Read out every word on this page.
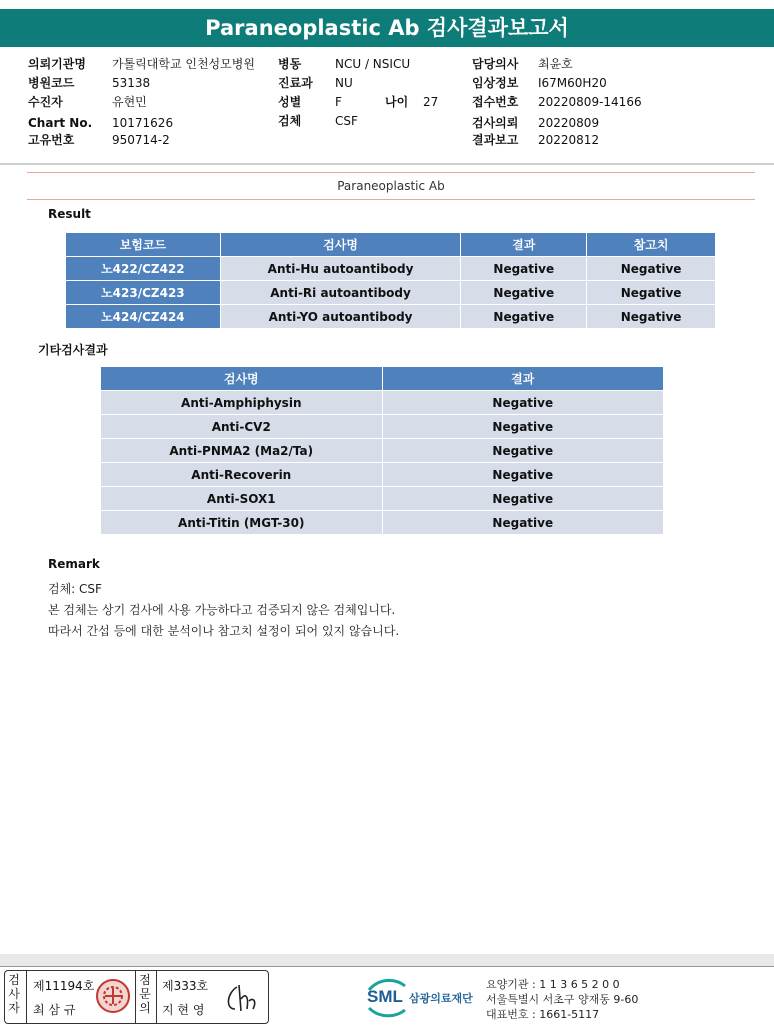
Paraneoplastic Ab 검사결과보고서
의뢰기관명 가톨릭대학교 인천성모병원
병원코드	53138
수진자	유현민
Chart No. 10171626
고유번호	950714-2
병동	NCU / NSICU
진료과 NU
성별	F	나이 27
검체	CSF
담당의사 최윤호
임상정보 I67M60H20
접수번호 20220809-14166
검사의뢰 20220809
결과보고 20220812
Paraneoplastic Ab
Result
보험코드	검사명	결과	참고치
노422/CZ422	Anti-Hu autoantibody	Negative	Negative
노423/CZ423	Anti-Ri autoantibody	Negative	Negative
노424/CZ424	Anti-YO autoantibody	Negative	Negative
기타검사결과
검사명	결과
Anti-Amphiphysin	Negative
Anti-CV2	Negative
Anti-PNMA2 (Ma2/Ta)	Negative
Anti-Recoverin	Negative
Anti-SOX1	Negative
Anti-Titin (MGT-30)	Negative
Remark
검체: CSF
본 검체는 상기 검사에 사용 가능하다고 검증되지 않은 검체입니다.
따라서 간섭 등에 대한 분석이나 참고치 설정이 되어 있지 않습니다.
검사자
제11194호
최 삼 규
점문의
제333호
지 현 영
SML 삼광의료재단
요양기관 : 1 1 3 6 5 2 0 0
서울특별시 서초구 양재동 9-60
대표번호 : 1661-5117
